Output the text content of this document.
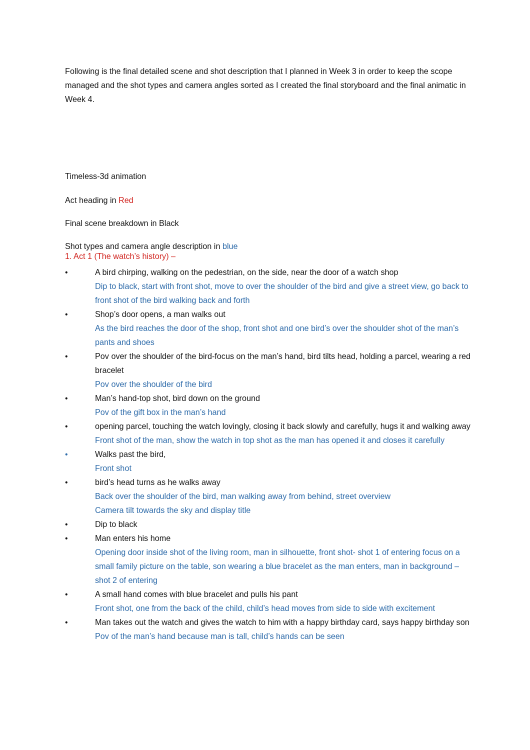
Following is the final detailed scene and shot description that I planned in Week 3 in order to keep the scope managed and the shot types and camera angles sorted as I created the final storyboard and the final animatic in Week 4.
Timeless-3d animation
Act heading in Red
Final scene breakdown in Black
Shot types and camera angle description in blue
1. Act 1 (The watch’s history) –
•	A bird chirping, walking on the pedestrian, on the side, near the door of a watch shop
Dip to black, start with front shot, move to over the shoulder of the bird and give a street view, go back to front shot of the bird walking back and forth
•	Shop’s door opens, a man walks out
As the bird reaches the door of the shop, front shot and one bird’s over the shoulder shot of the man’s pants and shoes
•	Pov over the shoulder of the bird-focus on the man’s hand, bird tilts head, holding a parcel, wearing a red bracelet
Pov over the shoulder of the bird
•	Man’s hand-top shot, bird down on the ground
Pov of the gift box in the man’s hand
•	opening parcel, touching the watch lovingly, closing it back slowly and carefully, hugs it and walking away
Front shot of the man, show the watch in top shot as the man has opened it and closes it carefully
•	Walks past the bird,
Front shot
•	bird’s head turns as he walks away
Back over the shoulder of the bird, man walking away from behind, street overview
Camera tilt towards the sky and display title
•	Dip to black
•	Man enters his home
Opening door inside shot of the living room, man in silhouette, front shot- shot 1 of entering focus on a small family picture on the table, son wearing a blue bracelet as the man enters, man in background – shot 2 of entering
•	A small hand comes with blue bracelet and pulls his pant
Front shot, one from the back of the child, child’s head moves from side to side with excitement
•	Man takes out the watch and gives the watch to him with a happy birthday card, says happy birthday son
Pov of the man’s hand because man is tall, child’s hands can be seen
